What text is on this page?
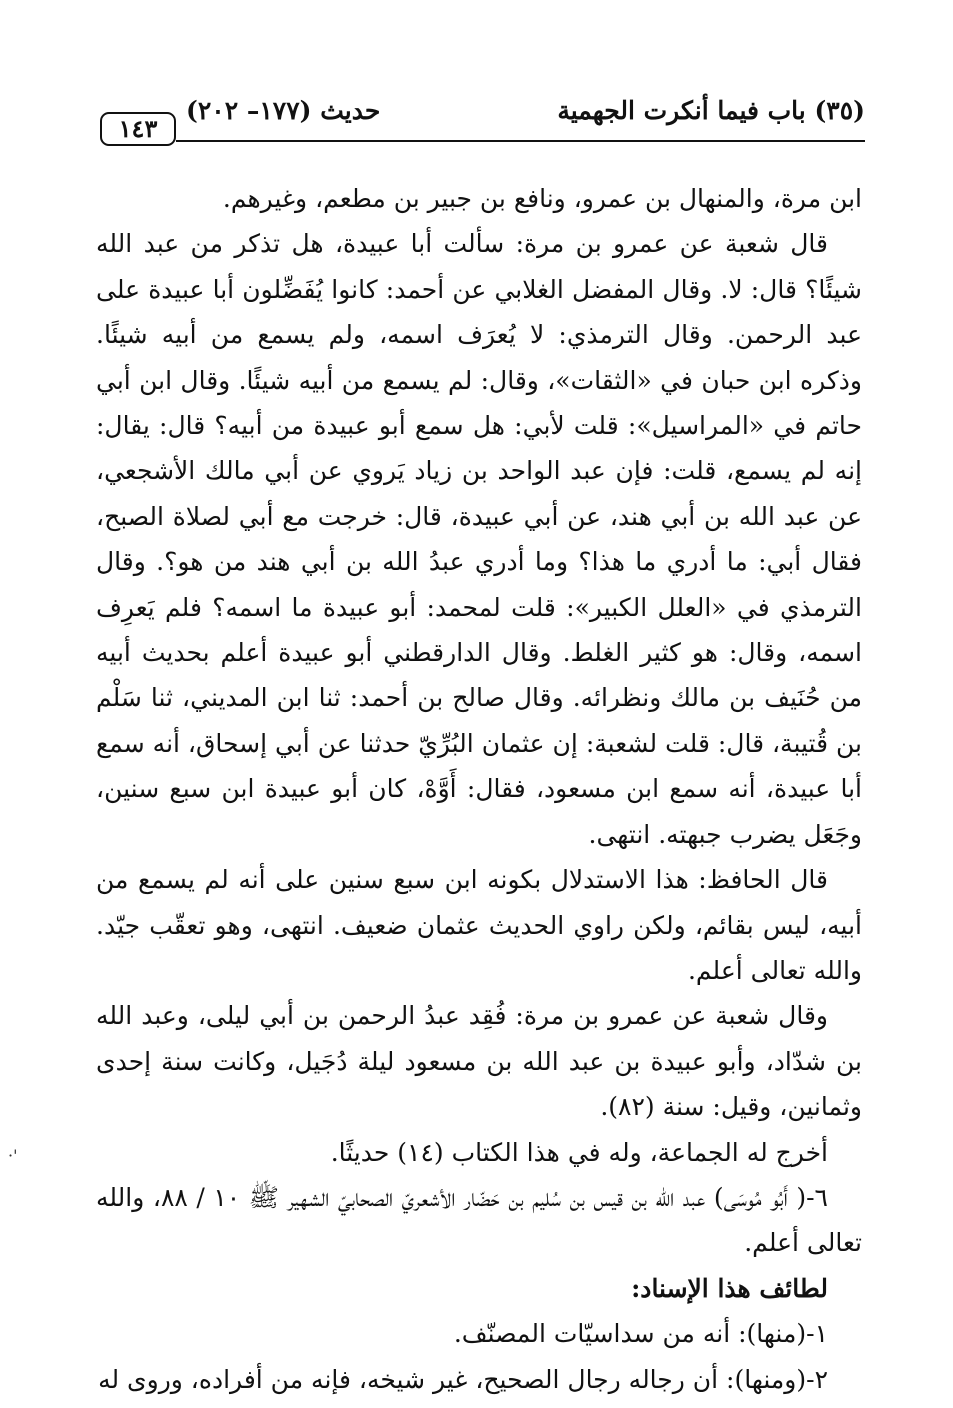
١٤٣
حديث (١٧٧– ٢٠٢)	(٣٥) باب فيما أنكرت الجهمية

ابن مرة، والمنهال بن عمرو، ونافع بن جبير بن مطعم، وغيرهم.

قال شعبة عن عمرو بن مرة: سألت أبا عبيدة، هل تذكر من عبد الله شيئًا؟ قال: لا. وقال المفضل الغلابي عن أحمد: كانوا يُفَضِّلون أبا عبيدة على عبد الرحمن. وقال الترمذي: لا يُعرَف اسمه، ولم يسمع من أبيه شيئًا. وذكره ابن حبان في «الثقات»، وقال: لم يسمع من أبيه شيئًا. وقال ابن أبي حاتم في «المراسيل»: قلت لأبي: هل سمع أبو عبيدة من أبيه؟ قال: يقال: إنه لم يسمع، قلت: فإن عبد الواحد بن زياد يَروي عن أبي مالك الأشجعي، عن عبد الله بن أبي هند، عن أبي عبيدة، قال: خرجت مع أبي لصلاة الصبح، فقال أبي: ما أدري ما هذا؟ وما أدري عبدُ الله بن أبي هند من هو؟. وقال الترمذي في «العلل الكبير»: قلت لمحمد: أبو عبيدة ما اسمه؟ فلم يَعرِف اسمه، وقال: هو كثير الغلط. وقال الدارقطني أبو عبيدة أعلم بحديث أبيه من حُنَيف بن مالك ونظرائه. وقال صالح بن أحمد: ثنا ابن المديني، ثنا سَلْم بن قُتيبة، قال: قلت لشعبة: إن عثمان البُرِّيّ حدثنا عن أبي إسحاق، أنه سمع أبا عبيدة، أنه سمع ابن مسعود، فقال: أَوَّهْ، كان أبو عبيدة ابن سبع سنين، وجَعَل يضرب جبهته. انتهى.

قال الحافظ: هذا الاستدلال بكونه ابن سبع سنين على أنه لم يسمع من أبيه، ليس بقائم، ولكن راوي الحديث عثمان ضعيف. انتهى، وهو تعقّب جيّد. والله تعالى أعلم.

وقال شعبة عن عمرو بن مرة: فُقِد عبدُ الرحمن بن أبي ليلى، وعبد الله بن شدّاد، وأبو عبيدة بن عبد الله بن مسعود ليلة دُجَيل، وكانت سنة إحدى وثمانين، وقيل: سنة (٨٢).

أخرج له الجماعة، وله في هذا الكتاب (١٤) حديثًا.

٦-( أَبُو مُوسَى) عبد الله بن قيس بن سُليم بن حَضّار الأشعريّ الصحابيّ الشهير ﷺ ١٠ / ٨٨، والله تعالى أعلم.

لطائف هذا الإسناد:

١-(منها): أنه من سداسيّات المصنّف.

٢-(ومنها): أن رجاله رجال الصحيح، غير شيخه، فإنه من أفراده، وروى له

·'
